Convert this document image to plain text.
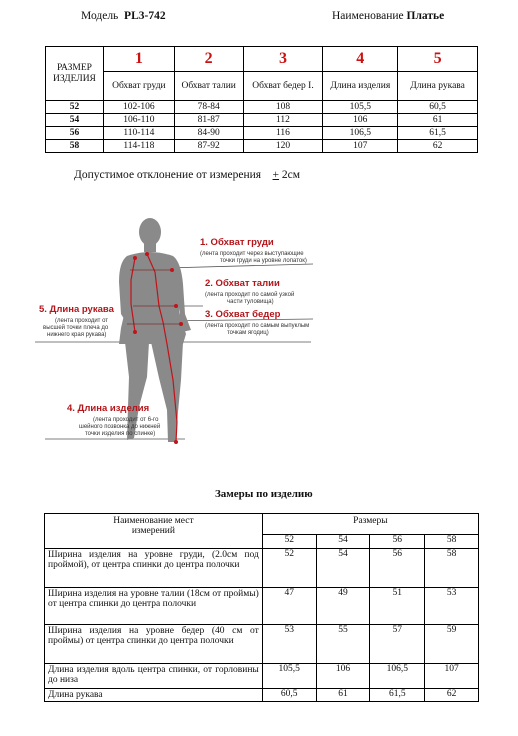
Модель PL3-742	Наименование Платье
РАЗМЕР ИЗДЕЛИЯ	1	2	3	4	5
	Обхват груди	Обхват талии	Обхват бедер I.	Длина изделия	Длина рукава
52	102-106	78-84	108	105,5	60,5
54	106-110	81-87	112	106	61
56	110-114	84-90	116	106,5	61,5
58	114-118	87-92	120	107	62
Допустимое отклонение от измерения + 2см
1. Обхват груди
(лента проходит через выступающие
точки груди на уровне лопаток)
2. Обхват талии
(лента проходит по самой узкой
части туловища)
3. Обхват бедер
(лента проходит по самым выпуклым
точкам ягодиц)
5. Длина рукава
(лента проходит от
высшей точки плеча до
нижнего края рукава)
4. Длина изделия
(лента проходит от 6-го
шейного позвонка до нижней
точки изделия по спинке)
Замеры по изделию
Наименование мест измерений	Размеры			
	52	54	56	58
Ширина изделия на уровне груди, (2.0см под проймой), от центра спинки до центра полочки	52	54	56	58
Ширина изделия на уровне талии (18см от проймы) от центра спинки до центра полочки	47	49	51	53
Ширина изделия на уровне бедер (40 см от проймы) от центра спинки до центра полочки	53	55	57	59
Длина изделия вдоль центра спинки, от горловины до низа	105,5	106	106,5	107
Длина рукава	60,5	61	61,5	62
